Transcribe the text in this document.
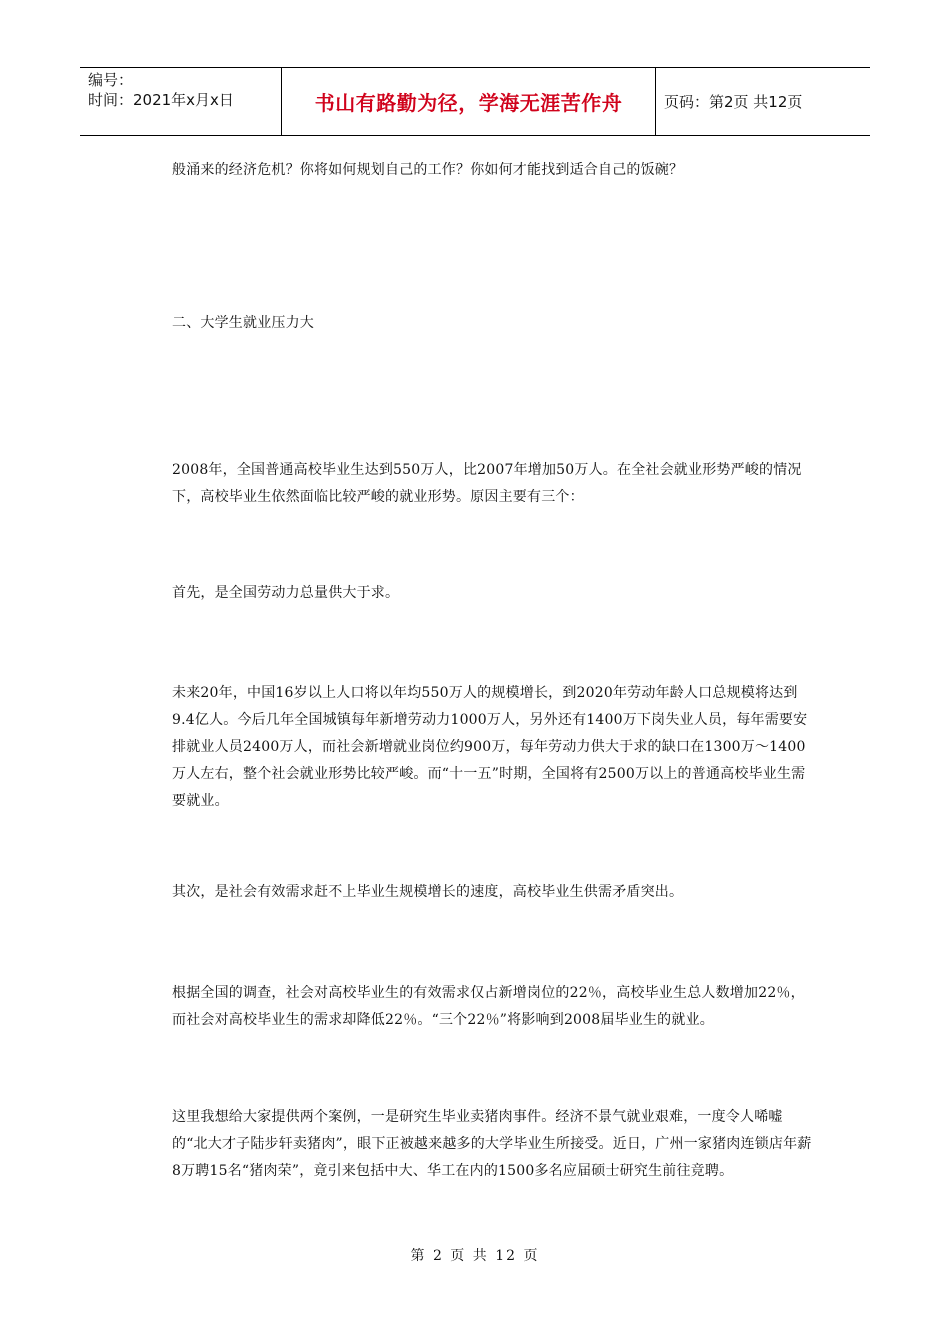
编号：
时间：2021年x月x日	书山有路勤为径，学海无涯苦作舟	页码：第2页 共12页

般涌来的经济危机？你将如何规划自己的工作？你如何才能找到适合自己的饭碗？

二、大学生就业压力大

2008年，全国普通高校毕业生达到550万人，比2007年增加50万人。在全社会就业形势严峻的情况下，高校毕业生依然面临比较严峻的就业形势。原因主要有三个：

首先，是全国劳动力总量供大于求。

未来20年，中国16岁以上人口将以年均550万人的规模增长，到2020年劳动年龄人口总规模将达到9.4亿人。今后几年全国城镇每年新增劳动力1000万人，另外还有1400万下岗失业人员，每年需要安排就业人员2400万人，而社会新增就业岗位约900万，每年劳动力供大于求的缺口在1300万～1400万人左右，整个社会就业形势比较严峻。而“十一五”时期，全国将有2500万以上的普通高校毕业生需要就业。

其次，是社会有效需求赶不上毕业生规模增长的速度，高校毕业生供需矛盾突出。

根据全国的调查，社会对高校毕业生的有效需求仅占新增岗位的22％，高校毕业生总人数增加22％，而社会对高校毕业生的需求却降低22％。“三个22％”将影响到2008届毕业生的就业。

这里我想给大家提供两个案例，一是研究生毕业卖猪肉事件。经济不景气就业艰难，一度令人唏嘘的“北大才子陆步轩卖猪肉”，眼下正被越来越多的大学毕业生所接受。近日，广州一家猪肉连锁店年薪8万聘15名“猪肉荣”，竟引来包括中大、华工在内的1500多名应届硕士研究生前往竞聘。

第 2 页 共 12 页
